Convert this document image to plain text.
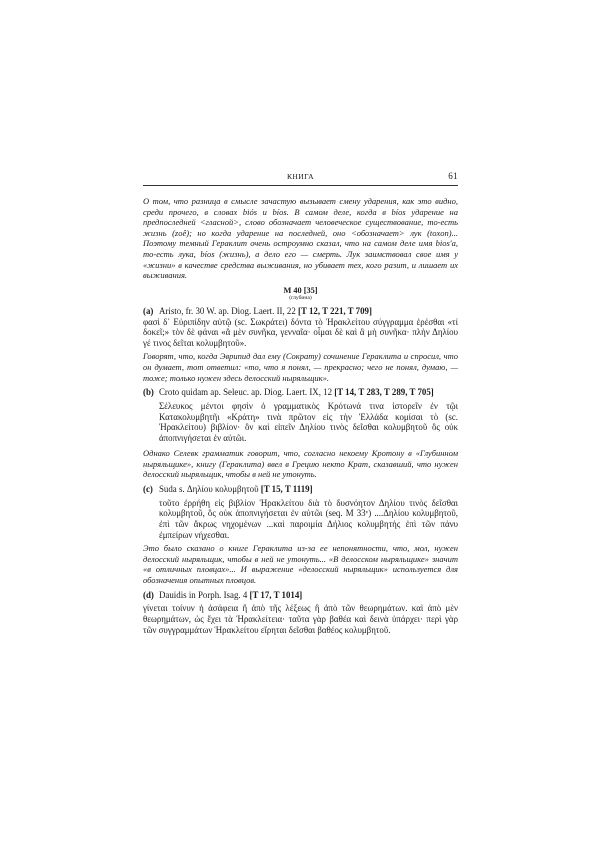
КНИГА	61

О том, что разница в смысле зачастую вызывает смену ударения, как это видно, среди прочего, в словах biós и bíos. В самом деле, когда в bíos ударение на предпоследней <гласной>, слово обозначает человеческое существование, то-есть жизнь (zoê); но когда ударение на последней, оно <обозначает> лук (toxon)... Поэтому темный Гераклит очень остроумно сказал, что на самом деле имя bios'a, то-есть лука, bíos (жизнь), а дело его — смерть. Лук заимствовал свое имя у «жизни» в качестве средства выживания, но убивает тех, кого разит, и лишает их выживания.

M 40 [35]
(глубина)
(a) Aristo, fr. 30 W. ap. Diog. Laert. II, 22 [T 12, T 221, T 709]

φασὶ δ᾽ Εὐριπίδην αὐτῷ (sc. Σωκράτει) δόντα τὸ Ἡρακλείτου σύγγραμμα ἐρέσθαι «τί δοκεῖ;» τὸν δὲ φάναι «ἃ μὲν συνῆκα, γενναῖα· οἶμαι δὲ καὶ ἃ μὴ συνῆκα· πλὴν Δηλίου γέ τινος δεῖται κολυμβητοῦ».

Говорят, что, когда Эврипид дал ему (Сократу) сочинение Гераклита и спросил, что он думает, тот ответил: «то, что я понял, — прекрасно; чего не понял, думаю, — тоже; только нужен здесь делосский ныряльщик».

(b) Croto quidam ap. Seleuc. ap. Diog. Laert. IX, 12 [T 14, T 283, T 289, T 705]

Σέλευκος μέντοι φησὶν ὁ γραμματικὸς Κρότωνά τινα ἱστορεῖν ἐν τῷι Κατακολυμβητῆι «Κράτη» τινὰ πρῶτον εἰς τὴν Ἑλλάδα κομίσαι τὸ (sc. Ἡρακλείτου) βιβλίον· ὃν καὶ εἰπεῖν Δηλίου τινὸς δεῖσθαι κολυμβητοῦ ὃς οὐκ ἀποπνιγήσεται ἐν αὐτῶι.

Однако Селевк грамматик говорит, что, согласно некоему Кротону в «Глубинном ныряльщике», книгу (Гераклита) ввел в Грецию некто Крат, сказавший, что нужен делосский ныряльщик, чтобы в ней не утонуть.

(c) Suda s. Δηλίου κολυμβητοῦ [T 15, T 1119]

τοῦτο ἐρρήθη εἰς βιβλίον Ἡρακλείτου διὰ τὸ δυσνόητον Δηλίου τινὸς δεῖσθαι κολυμβητοῦ, ὃς οὐκ ἀποπνιγήσεται ἐν αὐτῶι (seq. M 33ᵛ) ....Δηλίου κολυμβητοῦ, ἐπὶ τῶν ἄκρως νηχομένων ...καὶ παροιμία Δήλιος κολυμβητής ἐπὶ τῶν πάνυ ἐμπείρων νήχεσθαι.

Это было сказано о книге Гераклита из-за ее непонятности, что, мол, нужен делосский ныряльщик, чтобы в ней не утонуть... «В делосском ныряльщике» значит «в отличных пловцах»... И выражение «делосский ныряльщик» используется для обозначения опытных пловцов.

(d) Dauidis in Porph. Isag. 4 [T 17, T 1014]

γίνεται τοίνυν ἡ ἀσάφεια ἢ ἀπὸ τῆς λέξεως ἢ ἀπὸ τῶν θεωρημάτων. καὶ ἀπὸ μὲν θεωρημάτων, ὡς ἔχει τὰ Ἡρακλείτεια· ταῦτα γὰρ βαθέα καὶ δεινὰ ὑπάρχει· περὶ γὰρ τῶν συγγραμμάτων Ἡρακλείτου εἴρηται δεῖσθαι βαθέος κολυμβητοῦ.
